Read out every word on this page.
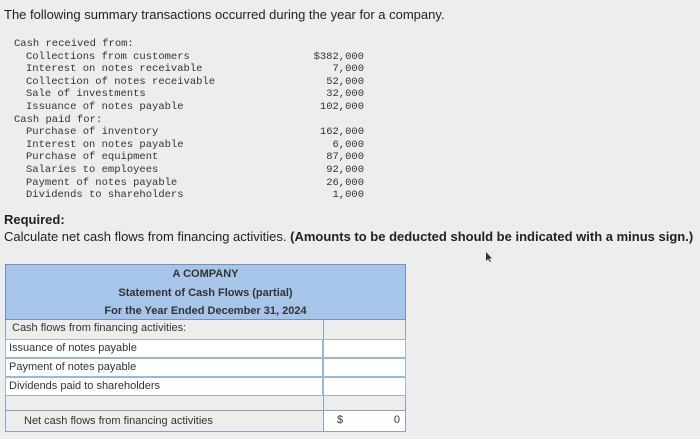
The following summary transactions occurred during the year for a company.
Cash received from:
Collections from customers	$382,000
Interest on notes receivable	7,000
Collection of notes receivable	52,000
Sale of investments	32,000
Issuance of notes payable	102,000
Cash paid for:
Purchase of inventory	162,000
Interest on notes payable	6,000
Purchase of equipment	87,000
Salaries to employees	92,000
Payment of notes payable	26,000
Dividends to shareholders	1,000
Required:
Calculate net cash flows from financing activities. (Amounts to be deducted should be indicated with a minus sign.)
A COMPANY
Statement of Cash Flows (partial)
For the Year Ended December 31, 2024
Cash flows from financing activities:
Issuance of notes payable
Payment of notes payable
Dividends paid to shareholders
Net cash flows from financing activities	$	0
